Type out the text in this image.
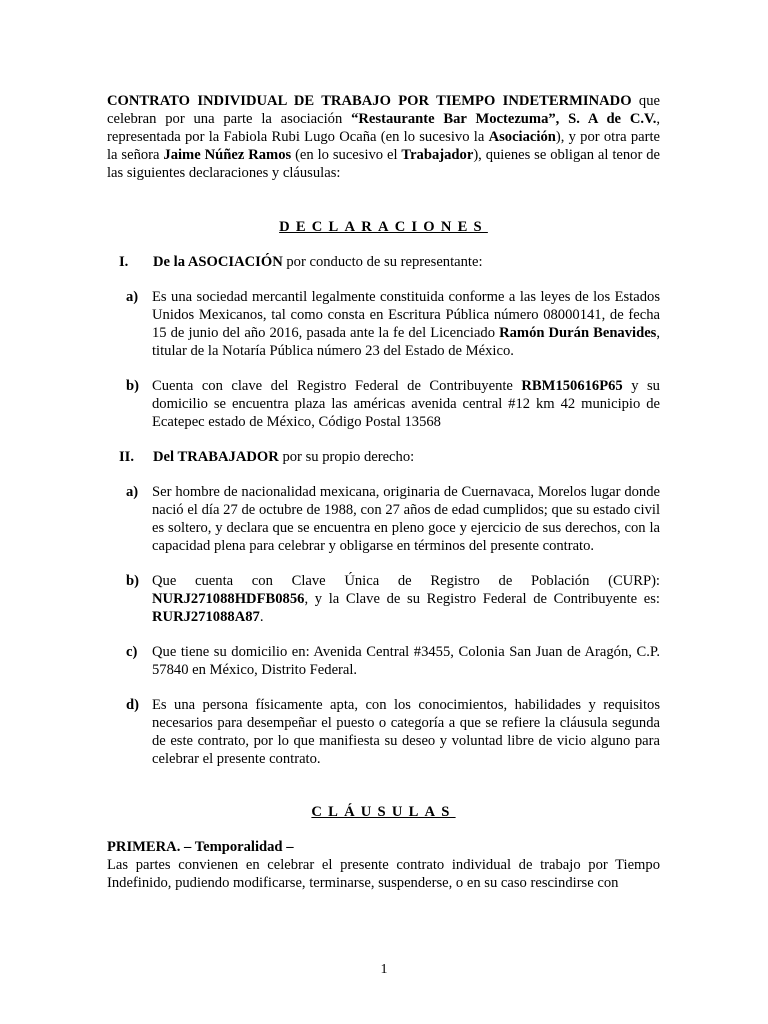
CONTRATO INDIVIDUAL DE TRABAJO POR TIEMPO INDETERMINADO que celebran por una parte la asociación “Restaurante Bar Moctezuma”, S. A de C.V., representada por la Fabiola Rubi Lugo Ocaña (en lo sucesivo la Asociación), y por otra parte la señora Jaime Núñez Ramos (en lo sucesivo el Trabajador), quienes se obligan al tenor de las siguientes declaraciones y cláusulas:

DECLARACIONES

I. De la ASOCIACIÓN por conducto de su representante:

a) Es una sociedad mercantil legalmente constituida conforme a las leyes de los Estados Unidos Mexicanos, tal como consta en Escritura Pública número 08000141, de fecha 15 de junio del año 2016, pasada ante la fe del Licenciado Ramón Durán Benavides, titular de la Notaría Pública número 23 del Estado de México.

b) Cuenta con clave del Registro Federal de Contribuyente RBM150616P65 y su domicilio se encuentra plaza las américas avenida central #12 km 42 municipio de Ecatepec estado de México, Código Postal 13568

II. Del TRABAJADOR por su propio derecho:

a) Ser hombre de nacionalidad mexicana, originaria de Cuernavaca, Morelos lugar donde nació el día 27 de octubre de 1988, con 27 años de edad cumplidos; que su estado civil es soltero, y declara que se encuentra en pleno goce y ejercicio de sus derechos, con la capacidad plena para celebrar y obligarse en términos del presente contrato.

b) Que cuenta con Clave Única de Registro de Población (CURP): NURJ271088HDFB0856, y la Clave de su Registro Federal de Contribuyente es: RURJ271088A87.

c) Que tiene su domicilio en: Avenida Central #3455, Colonia San Juan de Aragón, C.P. 57840 en México, Distrito Federal.

d) Es una persona físicamente apta, con los conocimientos, habilidades y requisitos necesarios para desempeñar el puesto o categoría a que se refiere la cláusula segunda de este contrato, por lo que manifiesta su deseo y voluntad libre de vicio alguno para celebrar el presente contrato.

CLÁUSULAS

PRIMERA. – Temporalidad –

Las partes convienen en celebrar el presente contrato individual de trabajo por Tiempo Indefinido, pudiendo modificarse, terminarse, suspenderse, o en su caso rescindirse con

1
